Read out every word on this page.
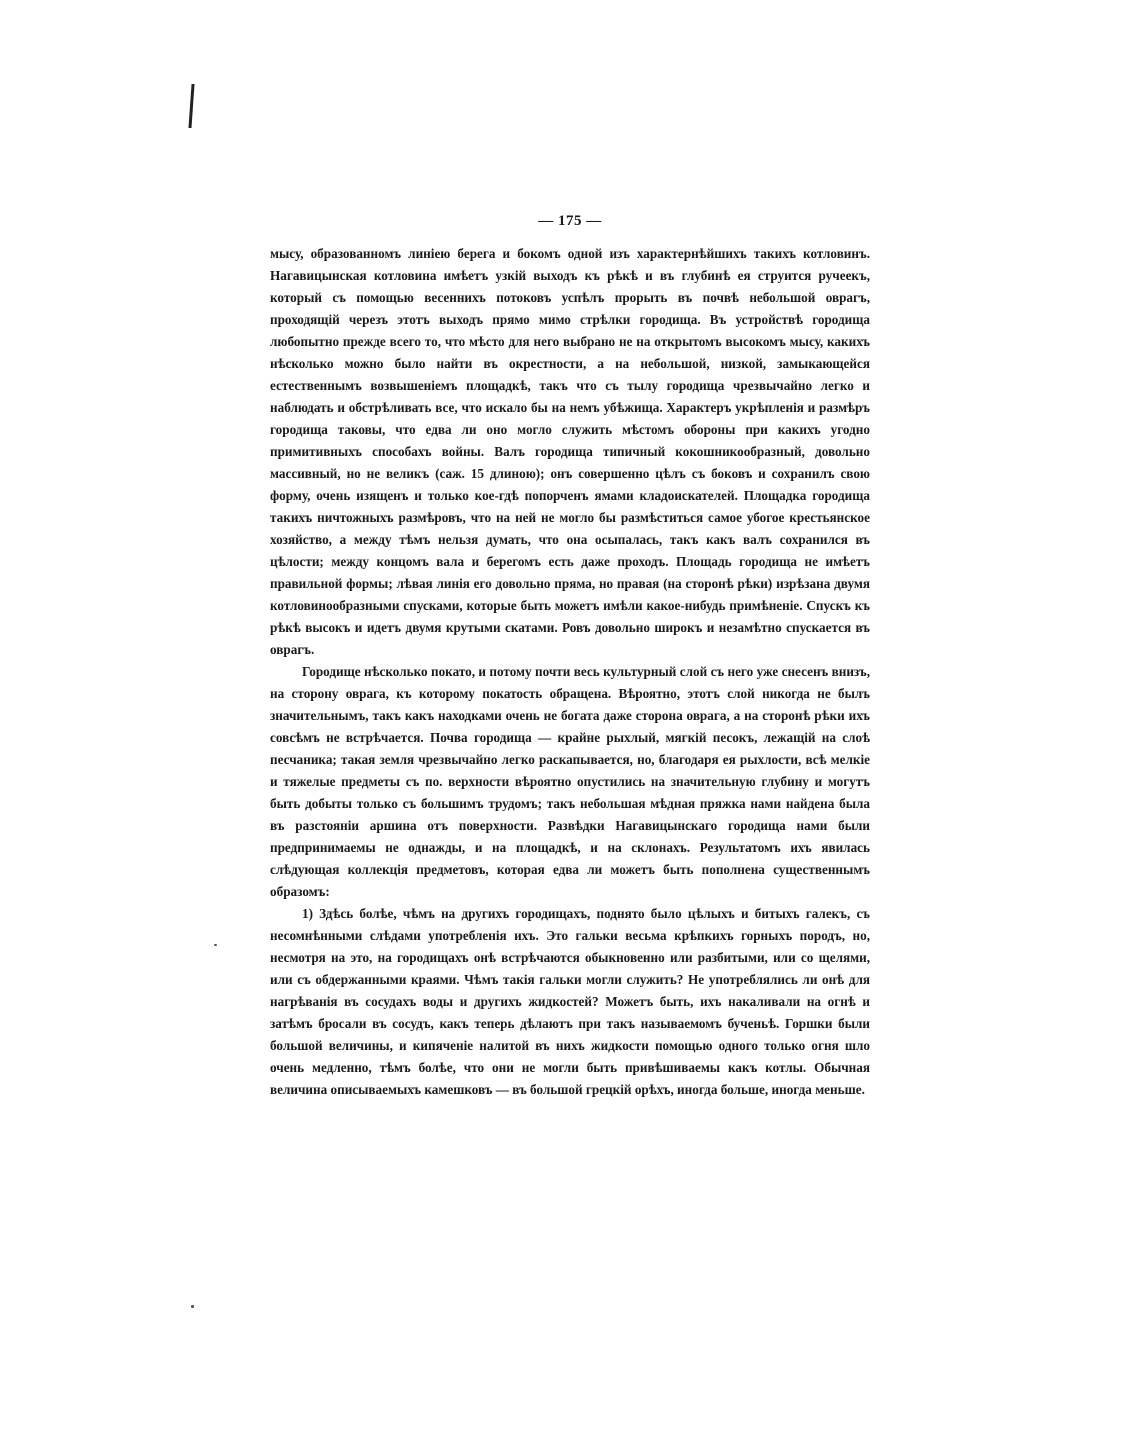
— 175 —

мысу, образованномъ линiею берега и бокомъ одной изъ характернѣйшихъ такихъ котловинъ. Нагавицынская котловина имѣетъ узкiй выходъ къ рѣкѣ и въ глубинѣ ея струится ручеекъ, который съ помощью весеннихъ потоковъ успѣлъ прорыть въ почвѣ небольшой оврагъ, проходящiй черезъ этотъ выходъ прямо мимо стрѣлки городища. Въ устройствѣ городища любопытно прежде всего то, что мѣсто для него выбрано не на открытомъ высокомъ мысу, какихъ нѣсколько можно было найти въ окрестности, а на небольшой, низкой, замыкающейся естественнымъ возвышенiемъ площадкѣ, такъ что съ тылу городища чрезвычайно легко и наблюдать и обстрѣливать все, что искало бы на немъ убѣжища. Характеръ укрѣпленiя и размѣръ городища таковы, что едва ли оно могло служить мѣстомъ обороны при какихъ угодно примитивныхъ способахъ войны. Валъ городища типичный кокошникообразный, довольно массивный, но не великъ (саж. 15 длиною); онъ совершенно цѣлъ съ боковъ и сохранилъ свою форму, очень изященъ и только кое-гдѣ попорченъ ямами кладоискателей. Площадка городища такихъ ничтожныхъ размѣровъ, что на ней не могло бы размѣститься самое убогое крестьянское хозяйство, а между тѣмъ нельзя думать, что она осыпалась, такъ какъ валъ сохранился въ цѣлости; между концомъ вала и берегомъ есть даже проходъ. Площадь городища не имѣетъ правильной формы; лѣвая линiя его довольно пряма, но правая (на сторонѣ рѣки) изрѣзана двумя котловинообразными спусками, которые быть можетъ имѣли какое-нибудь примѣненiе. Спускъ къ рѣкѣ высокъ и идетъ двумя крутыми скатами. Ровъ довольно широкъ и незамѣтно спускается въ оврагъ.

Городище нѣсколько покато, и потому почти весь культурный слой съ него уже снесенъ внизъ, на сторону оврага, къ которому покатость обращена. Вѣроятно, этотъ слой никогда не былъ значительнымъ, такъ какъ находками очень не богата даже сторона оврага, а на сторонѣ рѣки ихъ совсѣмъ не встрѣчается. Почва городища — крайне рыхлый, мягкiй песокъ, лежащiй на слоѣ песчаника; такая земля чрезвычайно легко раскапывается, но, благодаря ея рыхлости, всѣ мелкiе и тяжелые предметы съ по. верхности вѣроятно опустились на значительную глубину и могутъ быть добыты только съ большимъ трудомъ; такъ небольшая мѣдная пряжка нами найдена была въ разстоянiи аршина отъ поверхности. Развѣдки Нагавицынскаго городища нами были предпринимаемы не однажды, и на площадкѣ, и на склонахъ. Результатомъ ихъ явилась слѣдующая коллекцiя предметовъ, которая едва ли можетъ быть пополнена существеннымъ образомъ:

1) Здѣсь болѣе, чѣмъ на другихъ городищахъ, поднято было цѣлыхъ и битыхъ галекъ, съ несомнѣнными слѣдами употребленiя ихъ. Это гальки весьма крѣпкихъ горныхъ породъ, но, несмотря на это, на городищахъ онѣ встрѣчаются обыкновенно или разбитыми, или со щелями, или съ обдержанными краями. Чѣмъ такiя гальки могли служить? Не употреблялись ли онѣ для нагрѣванiя въ сосудахъ воды и другихъ жидкостей? Можетъ быть, ихъ накаливали на огнѣ и затѣмъ бросали въ сосудъ, какъ теперь дѣлаютъ при такъ называемомъ бученьѣ. Горшки были большой величины, и кипяченiе налитой въ нихъ жидкости помощью одного только огня шло очень медленно, тѣмъ болѣе, что они не могли быть привѣшиваемы какъ котлы. Обычная величина описываемыхъ камешковъ — въ большой грецкiй орѣхъ, иногда больше, иногда меньше.
